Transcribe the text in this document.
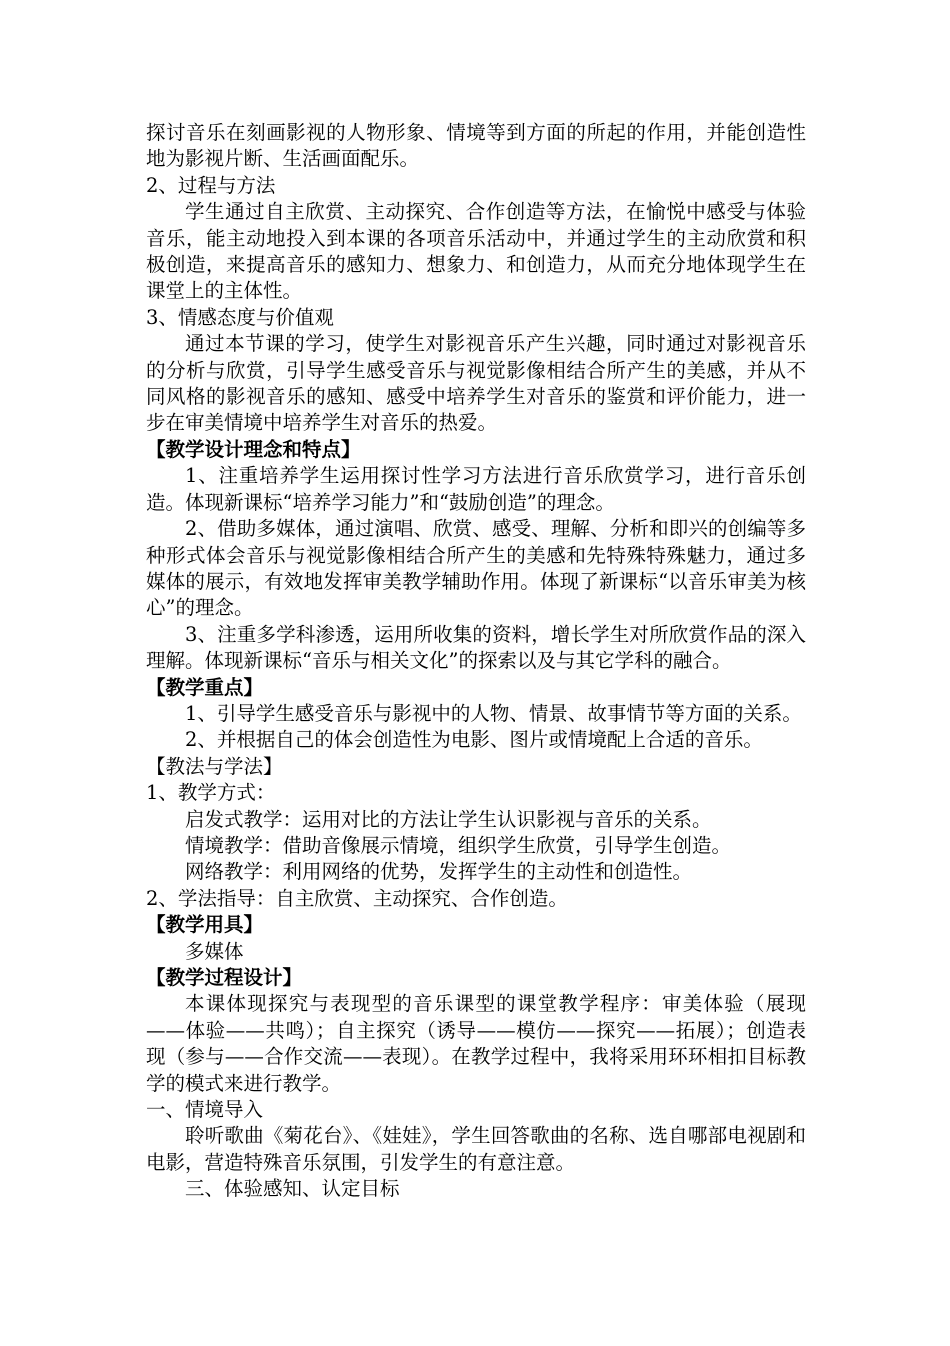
探讨音乐在刻画影视的人物形象、情境等到方面的所起的作用，并能创造性地为影视片断、生活画面配乐。

2、过程与方法

学生通过自主欣赏、主动探究、合作创造等方法，在愉悦中感受与体验音乐，能主动地投入到本课的各项音乐活动中，并通过学生的主动欣赏和积极创造，来提高音乐的感知力、想象力、和创造力，从而充分地体现学生在课堂上的主体性。

3、情感态度与价值观

通过本节课的学习，使学生对影视音乐产生兴趣，同时通过对影视音乐的分析与欣赏，引导学生感受音乐与视觉影像相结合所产生的美感，并从不同风格的影视音乐的感知、感受中培养学生对音乐的鉴赏和评价能力，进一步在审美情境中培养学生对音乐的热爱。

【教学设计理念和特点】

1、注重培养学生运用探讨性学习方法进行音乐欣赏学习，进行音乐创造。体现新课标“培养学习能力”和“鼓励创造”的理念。

2、借助多媒体，通过演唱、欣赏、感受、理解、分析和即兴的创编等多种形式体会音乐与视觉影像相结合所产生的美感和先特殊特殊魅力，通过多媒体的展示，有效地发挥审美教学辅助作用。体现了新课标“以音乐审美为核心”的理念。

3、注重多学科渗透，运用所收集的资料，增长学生对所欣赏作品的深入理解。体现新课标“音乐与相关文化”的探索以及与其它学科的融合。

【教学重点】

1、引导学生感受音乐与影视中的人物、情景、故事情节等方面的关系。

2、并根据自己的体会创造性为电影、图片或情境配上合适的音乐。

【教法与学法】

1、教学方式：

启发式教学：运用对比的方法让学生认识影视与音乐的关系。

情境教学：借助音像展示情境，组织学生欣赏，引导学生创造。

网络教学：利用网络的优势，发挥学生的主动性和创造性。

2、学法指导：自主欣赏、主动探究、合作创造。

【教学用具】

多媒体

【教学过程设计】

本课体现探究与表现型的音乐课型的课堂教学程序：审美体验（展现——体验——共鸣）；自主探究（诱导——模仿——探究——拓展）；创造表现（参与——合作交流——表现）。在教学过程中，我将采用环环相扣目标教学的模式来进行教学。

一、情境导入

聆听歌曲《菊花台》、《娃娃》，学生回答歌曲的名称、选自哪部电视剧和电影，营造特殊音乐氛围，引发学生的有意注意。

三、体验感知、认定目标
